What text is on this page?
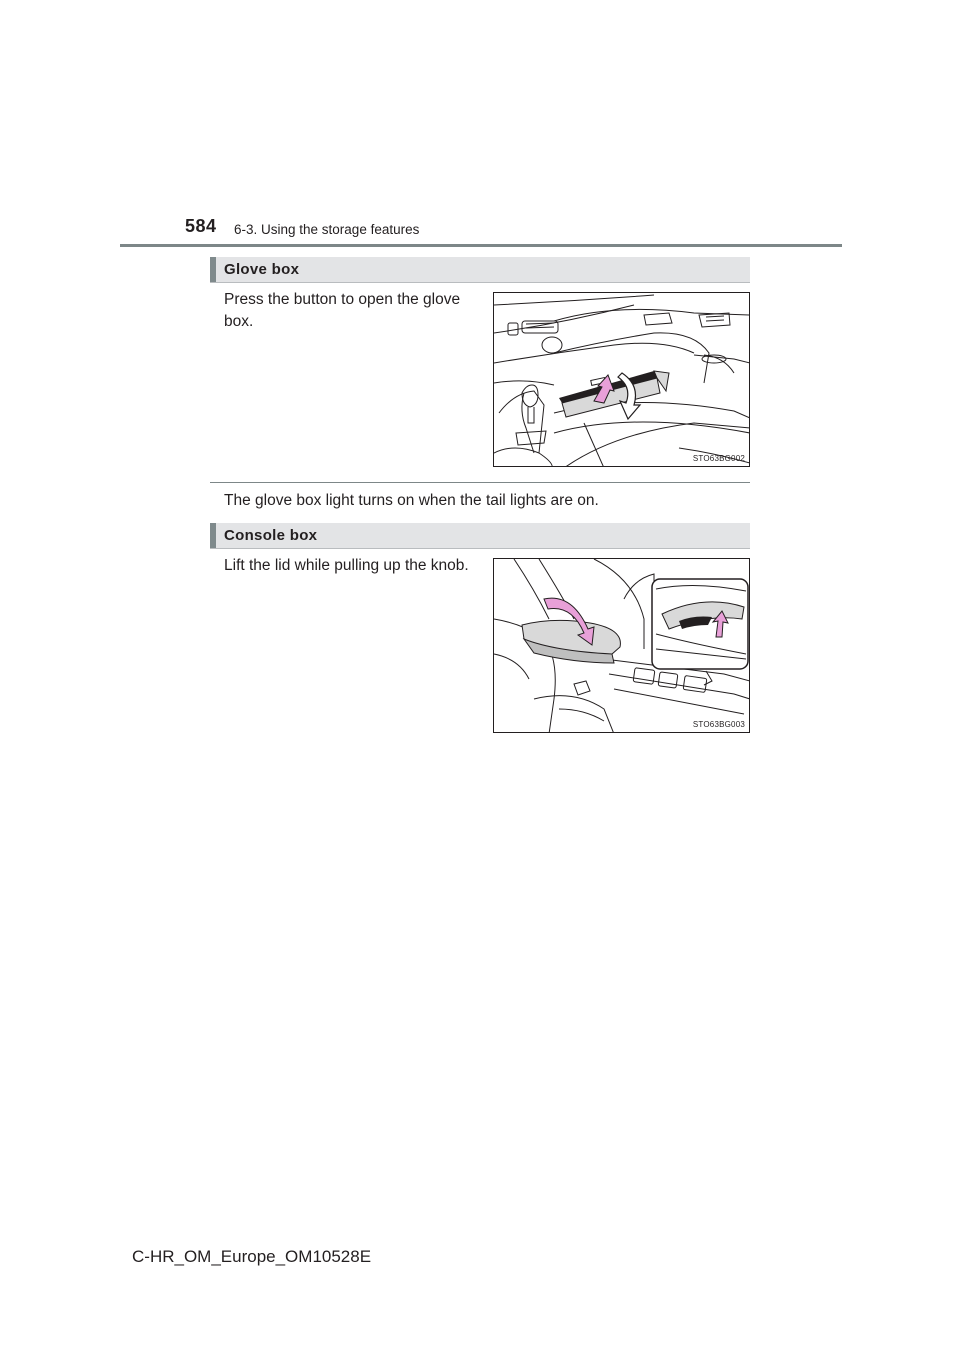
584 6-3. Using the storage features
Glove box
Press the button to open the glove box.
STO63BG002
The glove box light turns on when the tail lights are on.
Console box
Lift the lid while pulling up the knob.
STO63BG003
C-HR_OM_Europe_OM10528E
